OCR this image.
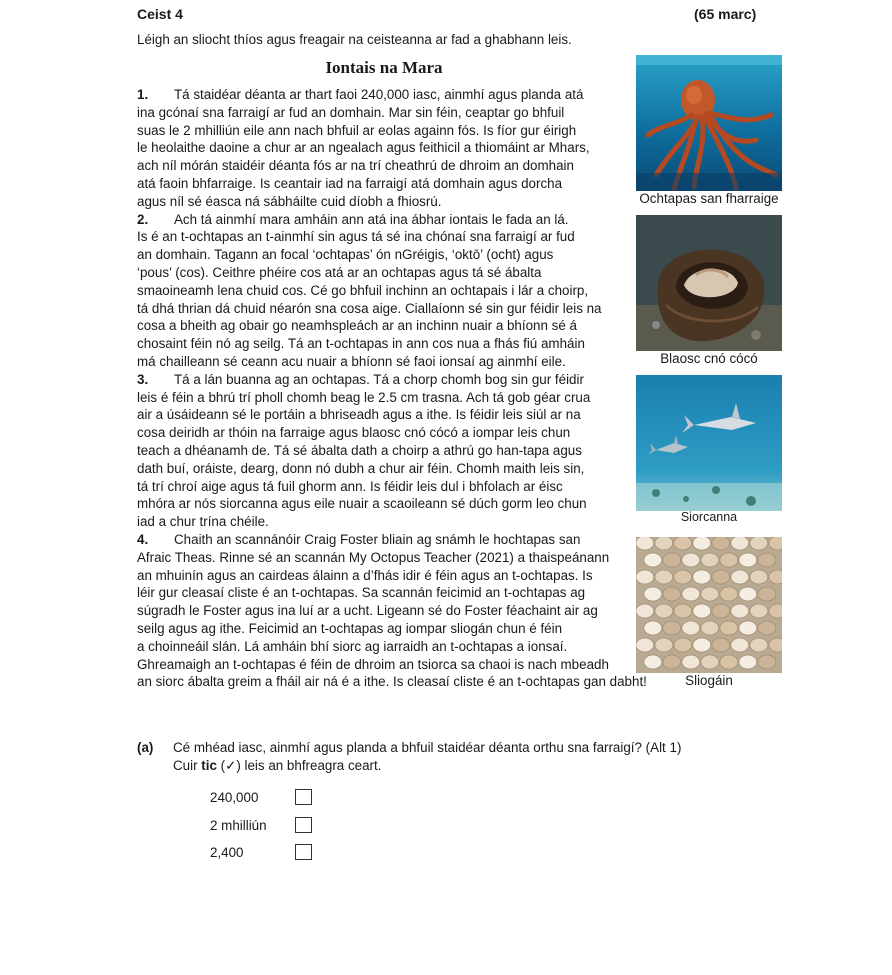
Ceist 4	(65 marc)
Léigh an sliocht thíos agus freagair na ceisteanna ar fad a ghabhann leis.
Iontais na Mara
1. Tá staidéar déanta ar thart faoi 240,000 iasc, ainmhí agus planda atá
ina gcónaí sna farraigí ar fud an domhain. Mar sin féin, ceaptar go bhfuil
suas le 2 mhilliún eile ann nach bhfuil ar eolas againn fós. Is fíor gur éirigh
le heolaithe daoine a chur ar an ngealach agus feithicil a thiomáint ar Mhars,
ach níl mórán staidéir déanta fós ar na trí cheathrú de dhroim an domhain
atá faoin bhfarraige. Is ceantair iad na farraigí atá domhain agus dorcha
agus níl sé éasca ná sábháilte cuid díobh a fhiosrú.
2. Ach tá ainmhí mara amháin ann atá ina ábhar iontais le fada an lá.
Is é an t-ochtapas an t-ainmhí sin agus tá sé ina chónaí sna farraigí ar fud
an domhain. Tagann an focal ‘ochtapas’ ón nGréigis, ‘oktō’ (ocht) agus
‘pous’ (cos). Ceithre phéire cos atá ar an ochtapas agus tá sé ábalta
smaoineamh lena chuid cos. Cé go bhfuil inchinn an ochtapais i lár a choirp,
tá dhá thrian dá chuid néarón sna cosa aige. Ciallaíonn sé sin gur féidir leis na
cosa a bheith ag obair go neamhspleách ar an inchinn nuair a bhíonn sé á
chosaint féin nó ag seilg. Tá an t-ochtapas in ann cos nua a fhás fiú amháin
má chailleann sé ceann acu nuair a bhíonn sé faoi ionsaí ag ainmhí eile.
3. Tá a lán buanna ag an ochtapas. Tá a chorp chomh bog sin gur féidir
leis é féin a bhrú trí pholl chomh beag le 2.5 cm trasna. Ach tá gob géar crua
air a úsáideann sé le portáin a bhriseadh agus a ithe. Is féidir leis siúl ar na
cosa deiridh ar thóin na farraige agus blaosc cnó cócó a iompar leis chun
teach a dhéanamh de. Tá sé ábalta dath a choirp a athrú go han-tapa agus
dath buí, oráiste, dearg, donn nó dubh a chur air féin. Chomh maith leis sin,
tá trí chroí aige agus tá fuil ghorm ann. Is féidir leis dul i bhfolach ar éisc
mhóra ar nós siorcanna agus eile nuair a scaoileann sé dúch gorm leo chun
iad a chur trína chéile.
4. Chaith an scannánóir Craig Foster bliain ag snámh le hochtapas san
Afraic Theas. Rinne sé an scannán My Octopus Teacher (2021) a thaispeánann
an mhuinín agus an cairdeas álainn a d’fhás idir é féin agus an t-ochtapas. Is
léir gur cleasaí cliste é an t-ochtapas. Sa scannán feicimid an t-ochtapas ag
súgradh le Foster agus ina luí ar a ucht. Ligeann sé do Foster féachaint air ag
seilg agus ag ithe. Feicimid an t-ochtapas ag iompar sliogán chun é féin
a choinneáil slán. Lá amháin bhí siorc ag iarraidh an t-ochtapas a ionsaí.
Ghreamaigh an t-ochtapas é féin de dhroim an tsiorca sa chaoi is nach mbeadh
an siorc ábalta greim a fháil air ná é a ithe. Is cleasaí cliste é an t-ochtapas gan dabht!
Ochtapas san fharraige
Blaosc cnó cócó
Siorcanna
Sliogáin
(a) Cé mhéad iasc, ainmhí agus planda a bhfuil staidéar déanta orthu sna farraigí? (Alt 1)
Cuir tic (✓) leis an bhfreagra ceart.
240,000
2 mhilliún
2,400
